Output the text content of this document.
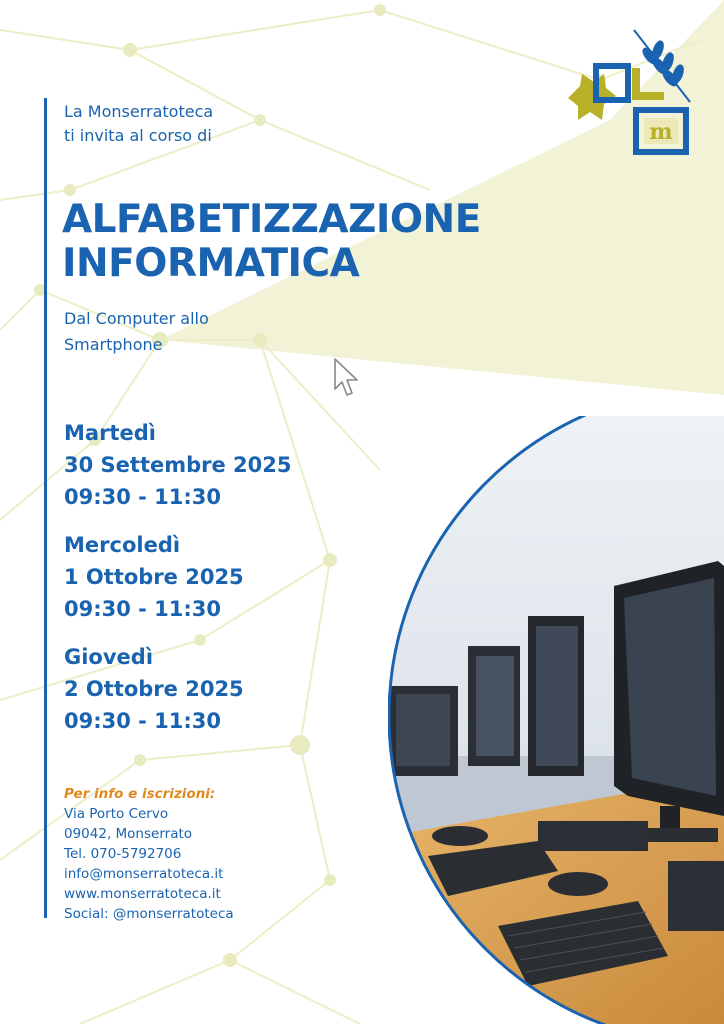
La Monserratoteca
ti invita al corso di
ALFABETIZZAZIONE
INFORMATICA
Dal Computer allo
Smartphone
Martedì
30 Settembre 2025
09:30 - 11:30
Mercoledì
1 Ottobre 2025
09:30 - 11:30
Giovedì
2 Ottobre 2025
09:30 - 11:30
Per info e iscrizioni:
Via Porto Cervo
09042, Monserrato
Tel. 070-5792706
info@monserratoteca.it
www.monserratoteca.it
Social: @monserratoteca
m
